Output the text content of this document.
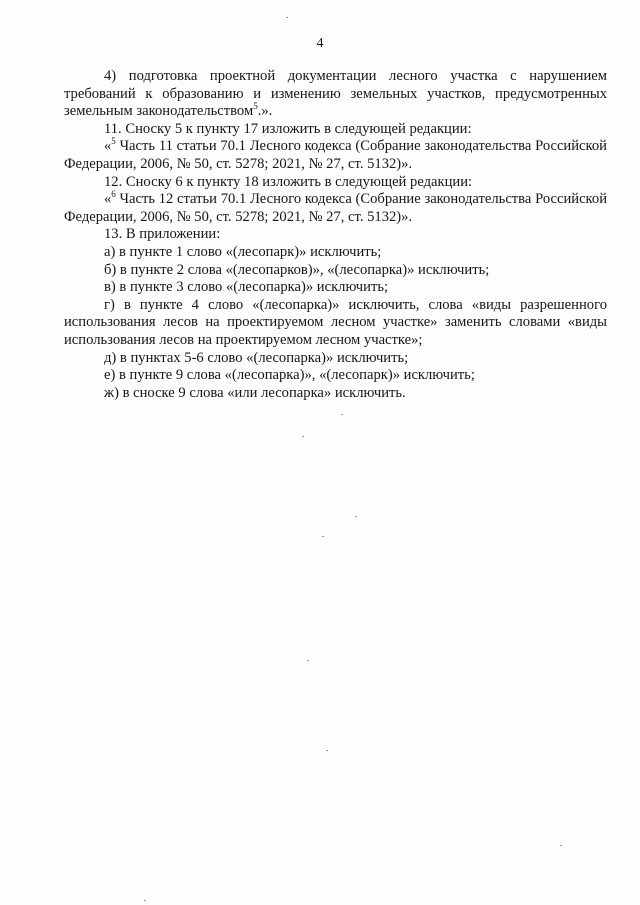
4

4) подготовка проектной документации лесного участка с нарушением требований к образованию и изменению земельных участков, предусмотренных земельным законодательством$^5$.».

11. Сноску 5 к пункту 17 изложить в следующей редакции:

«$^5$ Часть 11 статьи 70.1 Лесного кодекса (Собрание законодательства Российской Федерации, 2006, № 50, ст. 5278; 2021, № 27, ст. 5132)».

12. Сноску 6 к пункту 18 изложить в следующей редакции:

«$^6$ Часть 12 статьи 70.1 Лесного кодекса (Собрание законодательства Российской Федерации, 2006, № 50, ст. 5278; 2021, № 27, ст. 5132)».

13. В приложении:

а) в пункте 1 слово «(лесопарк)» исключить;

б) в пункте 2 слова «(лесопарков)», «(лесопарка)» исключить;

в) в пункте 3 слово «(лесопарка)» исключить;

г) в пункте 4 слово «(лесопарка)» исключить, слова «виды разрешенного использования лесов на проектируемом лесном участке» заменить словами «виды использования лесов на проектируемом лесном участке»;

д) в пунктах 5-6 слово «(лесопарка)» исключить;

е) в пункте 9 слова «(лесопарка)», «(лесопарк)» исключить;

ж) в сноске 9 слова «или лесопарка» исключить.
